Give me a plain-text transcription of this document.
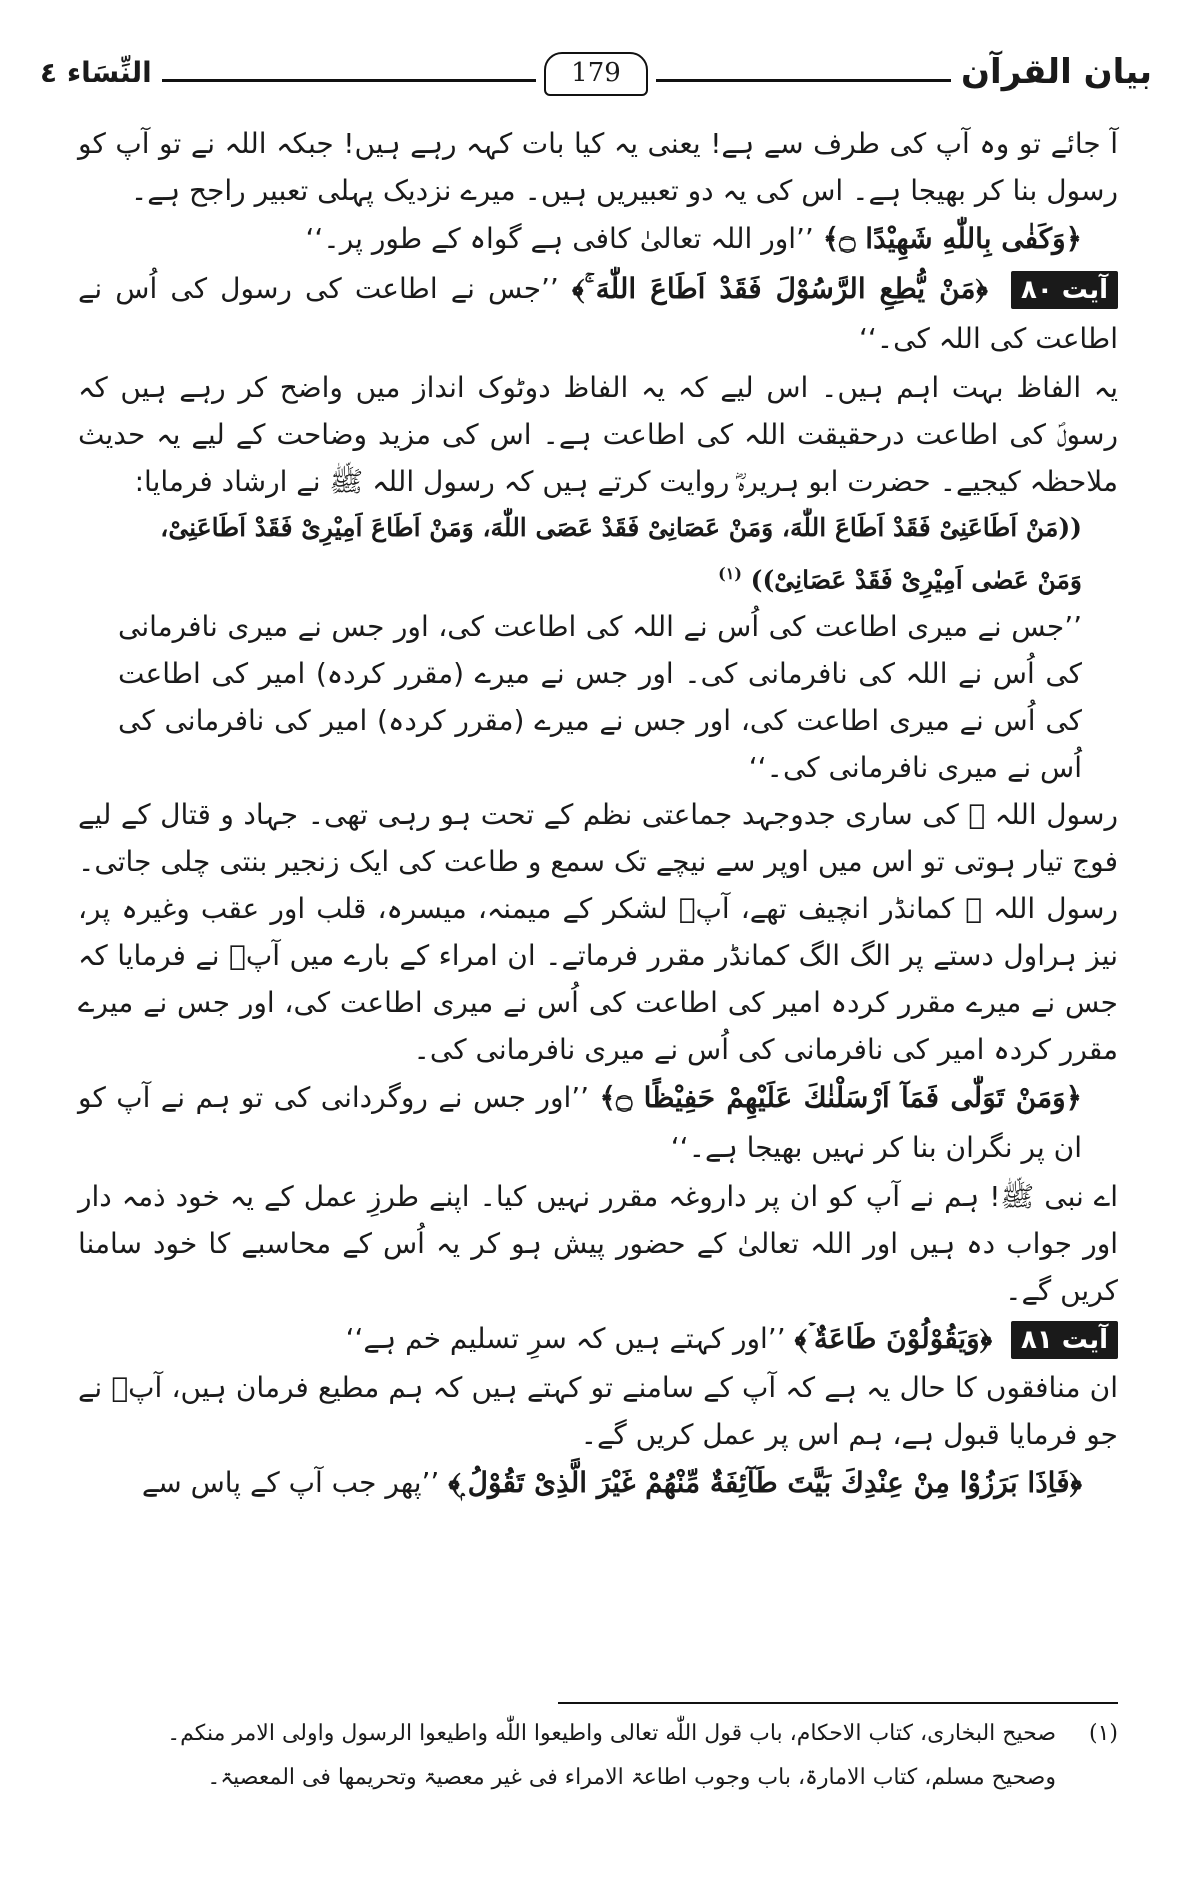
بیان القرآن
179
النِّسَاء ٤

آ جائے تو وہ آپ کی طرف سے ہے! یعنی یہ کیا بات کہہ رہے ہیں! جبکہ اللہ نے تو آپ کو رسول بنا کر بھیجا ہے۔ اس کی یہ دو تعبیریں ہیں۔ میرے نزدیک پہلی تعبیر راجح ہے۔

﴿وَكَفٰى بِاللّٰهِ شَهِيْدًا ۝﴾ ’’اور اللہ تعالیٰ کافی ہے گواہ کے طور پر۔‘‘

آیت ۸۰ ﴿مَنْ يُّطِعِ الرَّسُوْلَ فَقَدْ اَطَاعَ اللّٰهَ ۚ﴾ ’’جس نے اطاعت کی رسول کی اُس نے اطاعت کی اللہ کی۔‘‘

یہ الفاظ بہت اہم ہیں۔ اس لیے کہ یہ الفاظ دوٹوک انداز میں واضح کر رہے ہیں کہ رسولؐ کی اطاعت درحقیقت اللہ کی اطاعت ہے۔ اس کی مزید وضاحت کے لیے یہ حدیث ملاحظہ کیجیے۔ حضرت ابو ہریرہؓ روایت کرتے ہیں کہ رسول اللہ ﷺ نے ارشاد فرمایا:

((مَنْ اَطَاعَنِیْ فَقَدْ اَطَاعَ اللّٰهَ، وَمَنْ عَصَانِیْ فَقَدْ عَصَى اللّٰهَ، وَمَنْ اَطَاعَ اَمِیْرِیْ فَقَدْ اَطَاعَنِیْ،

وَمَنْ عَصٰى اَمِیْرِیْ فَقَدْ عَصَانِیْ)) $^{(۱)}$

’’جس نے میری اطاعت کی اُس نے اللہ کی اطاعت کی، اور جس نے میری نافرمانی کی اُس نے اللہ کی نافرمانی کی۔ اور جس نے میرے (مقرر کردہ) امیر کی اطاعت کی اُس نے میری اطاعت کی، اور جس نے میرے (مقرر کردہ) امیر کی نافرمانی کی اُس نے میری نافرمانی کی۔‘‘

رسول اللہ ﷺ کی ساری جدوجہد جماعتی نظم کے تحت ہو رہی تھی۔ جہاد و قتال کے لیے فوج تیار ہوتی تو اس میں اوپر سے نیچے تک سمع و طاعت کی ایک زنجیر بنتی چلی جاتی۔ رسول اللہ ﷺ کمانڈر انچیف تھے، آپؐ لشکر کے میمنہ، میسرہ، قلب اور عقب وغیرہ پر، نیز ہراول دستے پر الگ الگ کمانڈر مقرر فرماتے۔ ان امراء کے بارے میں آپؐ نے فرمایا کہ جس نے میرے مقرر کردہ امیر کی اطاعت کی اُس نے میری اطاعت کی، اور جس نے میرے مقرر کردہ امیر کی نافرمانی کی اُس نے میری نافرمانی کی۔

﴿وَمَنْ تَوَلّٰى فَمَآ اَرْسَلْنٰكَ عَلَيْهِمْ حَفِيْظًا ۝﴾ ’’اور جس نے روگردانی کی تو ہم نے آپ کو ان پر نگران بنا کر نہیں بھیجا ہے۔‘‘

اے نبی ﷺ! ہم نے آپ کو ان پر داروغہ مقرر نہیں کیا۔ اپنے طرزِ عمل کے یہ خود ذمہ دار اور جواب دہ ہیں اور اللہ تعالیٰ کے حضور پیش ہو کر یہ اُس کے محاسبے کا خود سامنا کریں گے۔

آیت ۸۱ ﴿وَيَقُوْلُوْنَ طَاعَةٌ ۡ﴾ ’’اور کہتے ہیں کہ سرِ تسلیم خم ہے‘‘

ان منافقوں کا حال یہ ہے کہ آپ کے سامنے تو کہتے ہیں کہ ہم مطیع فرمان ہیں، آپؐ نے جو فرمایا قبول ہے، ہم اس پر عمل کریں گے۔

﴿فَاِذَا بَرَزُوْا مِنْ عِنْدِكَ بَيَّتَ طَآئِفَةٌ مِّنْهُمْ غَيْرَ الَّذِیْ تَقُوْلُ ۭ﴾ ’’پھر جب آپ کے پاس سے

(۱)صحیح البخاری، کتاب الاحکام، باب قول اللّٰه تعالی واطیعوا اللّٰه واطیعوا الرسول واولی الامر منکم۔

وصحیح مسلم، کتاب الامارۃ، باب وجوب اطاعۃ الامراء فی غیر معصیۃ وتحریمھا فی المعصیۃ۔
